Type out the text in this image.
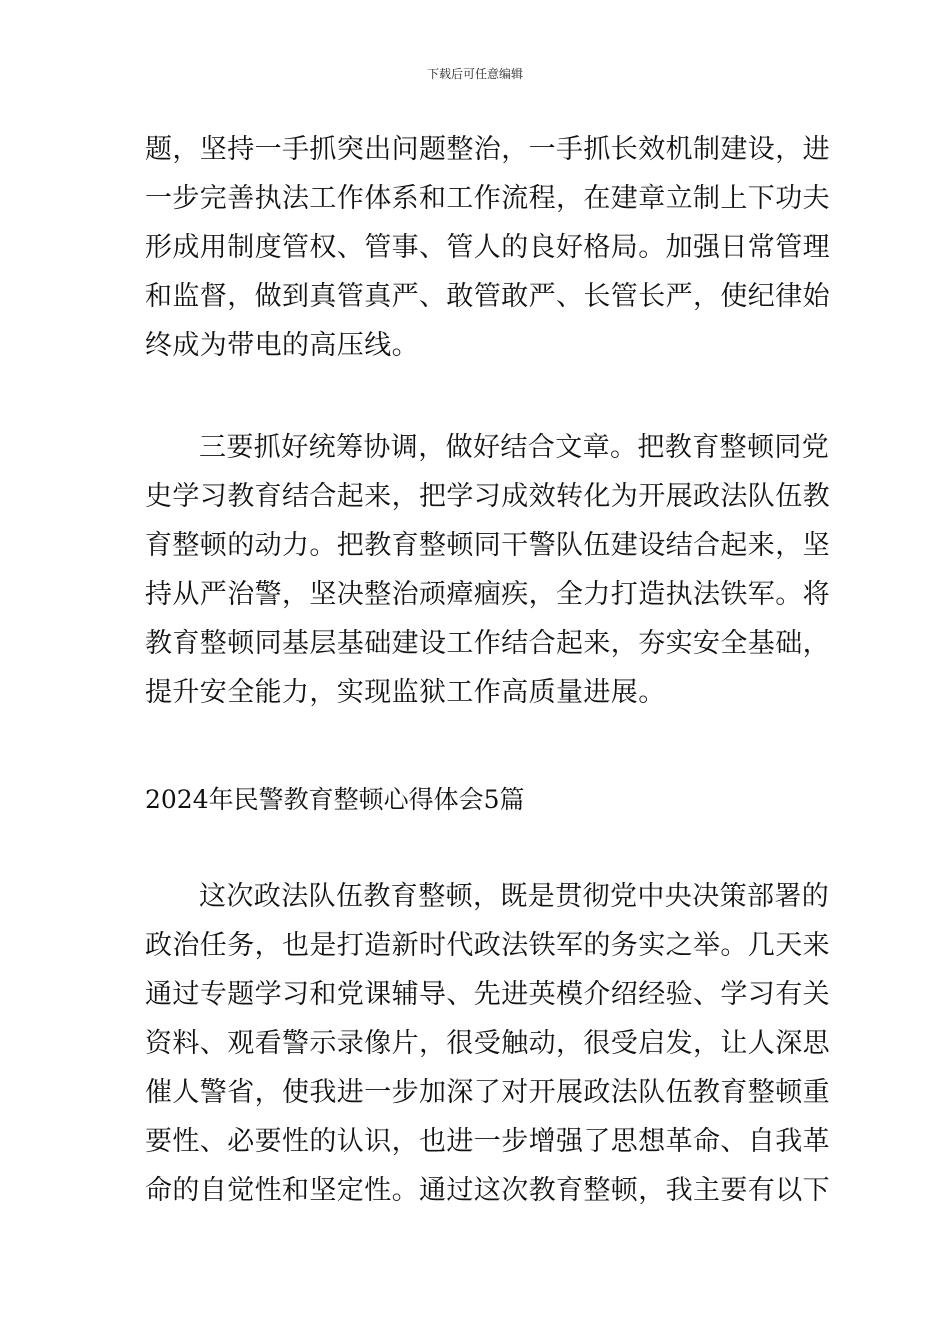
下载后可任意编辑
题，坚持一手抓突出问题整治，一手抓长效机制建设，进
一步完善执法工作体系和工作流程，在建章立制上下功夫
形成用制度管权、管事、管人的良好格局。加强日常管理
和监督，做到真管真严、敢管敢严、长管长严，使纪律始
终成为带电的高压线。
三要抓好统筹协调，做好结合文章。把教育整顿同党
史学习教育结合起来，把学习成效转化为开展政法队伍教
育整顿的动力。把教育整顿同干警队伍建设结合起来，坚
持从严治警，坚决整治顽瘴痼疾，全力打造执法铁军。将
教育整顿同基层基础建设工作结合起来，夯实安全基础，
提升安全能力，实现监狱工作高质量进展。
2024年民警教育整顿心得体会5篇
这次政法队伍教育整顿，既是贯彻党中央决策部署的
政治任务，也是打造新时代政法铁军的务实之举。几天来
通过专题学习和党课辅导、先进英模介绍经验、学习有关
资料、观看警示录像片，很受触动，很受启发，让人深思
催人警省，使我进一步加深了对开展政法队伍教育整顿重
要性、必要性的认识，也进一步增强了思想革命、自我革
命的自觉性和坚定性。通过这次教育整顿，我主要有以下
